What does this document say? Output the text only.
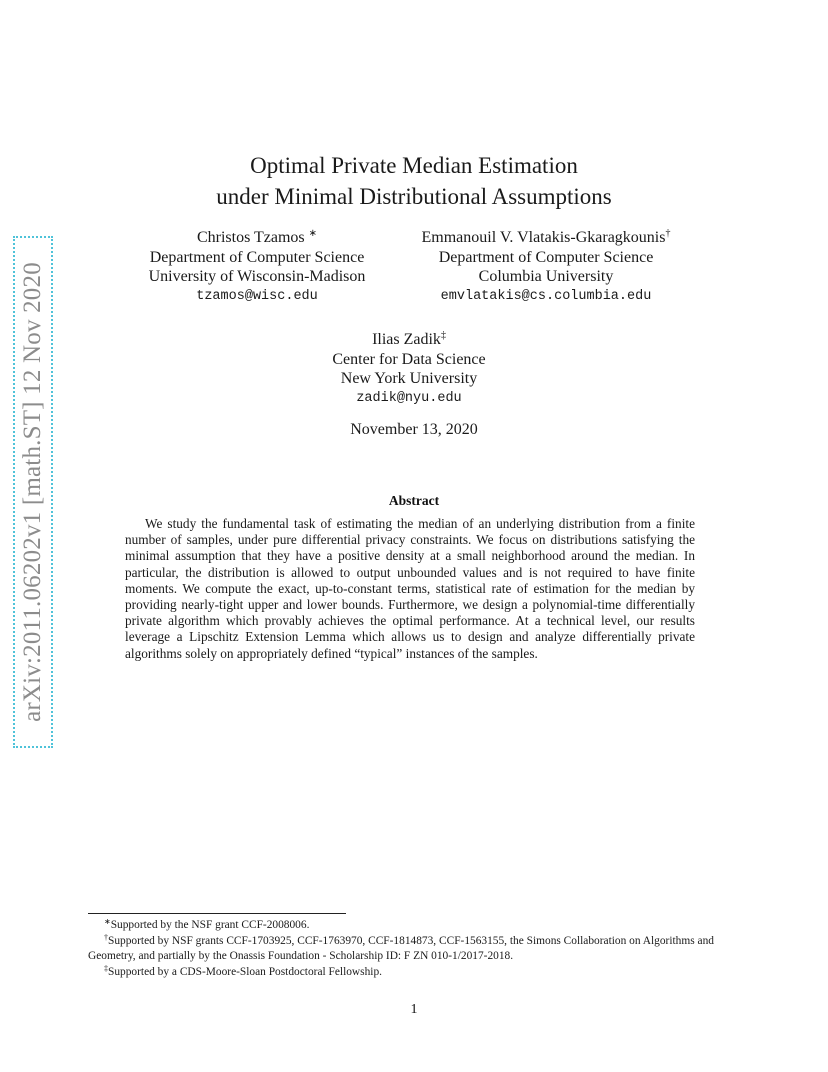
arXiv:2011.06202v1 [math.ST] 12 Nov 2020
Optimal Private Median Estimation
under Minimal Distributional Assumptions
Christos Tzamos ∗
Department of Computer Science
University of Wisconsin-Madison
tzamos@wisc.edu
Emmanouil V. Vlatakis-Gkaragkounis†
Department of Computer Science
Columbia University
emvlatakis@cs.columbia.edu
Ilias Zadik‡
Center for Data Science
New York University
zadik@nyu.edu
November 13, 2020
Abstract
We study the fundamental task of estimating the median of an underlying distribution from a finite number of samples, under pure differential privacy constraints. We focus on distributions satisfying the minimal assumption that they have a positive density at a small neighborhood around the median. In particular, the distribution is allowed to output unbounded values and is not required to have finite moments. We compute the exact, up-to-constant terms, statistical rate of estimation for the median by providing nearly-tight upper and lower bounds. Furthermore, we design a polynomial-time differentially private algorithm which provably achieves the optimal performance. At a technical level, our results leverage a Lipschitz Extension Lemma which allows us to design and analyze differentially private algorithms solely on appropriately defined “typical” instances of the samples.
∗Supported by the NSF grant CCF-2008006.
†Supported by NSF grants CCF-1703925, CCF-1763970, CCF-1814873, CCF-1563155, the Simons Collaboration on Algorithms and Geometry, and partially by the Onassis Foundation - Scholarship ID: F ZN 010-1/2017-2018.
‡Supported by a CDS-Moore-Sloan Postdoctoral Fellowship.
1
